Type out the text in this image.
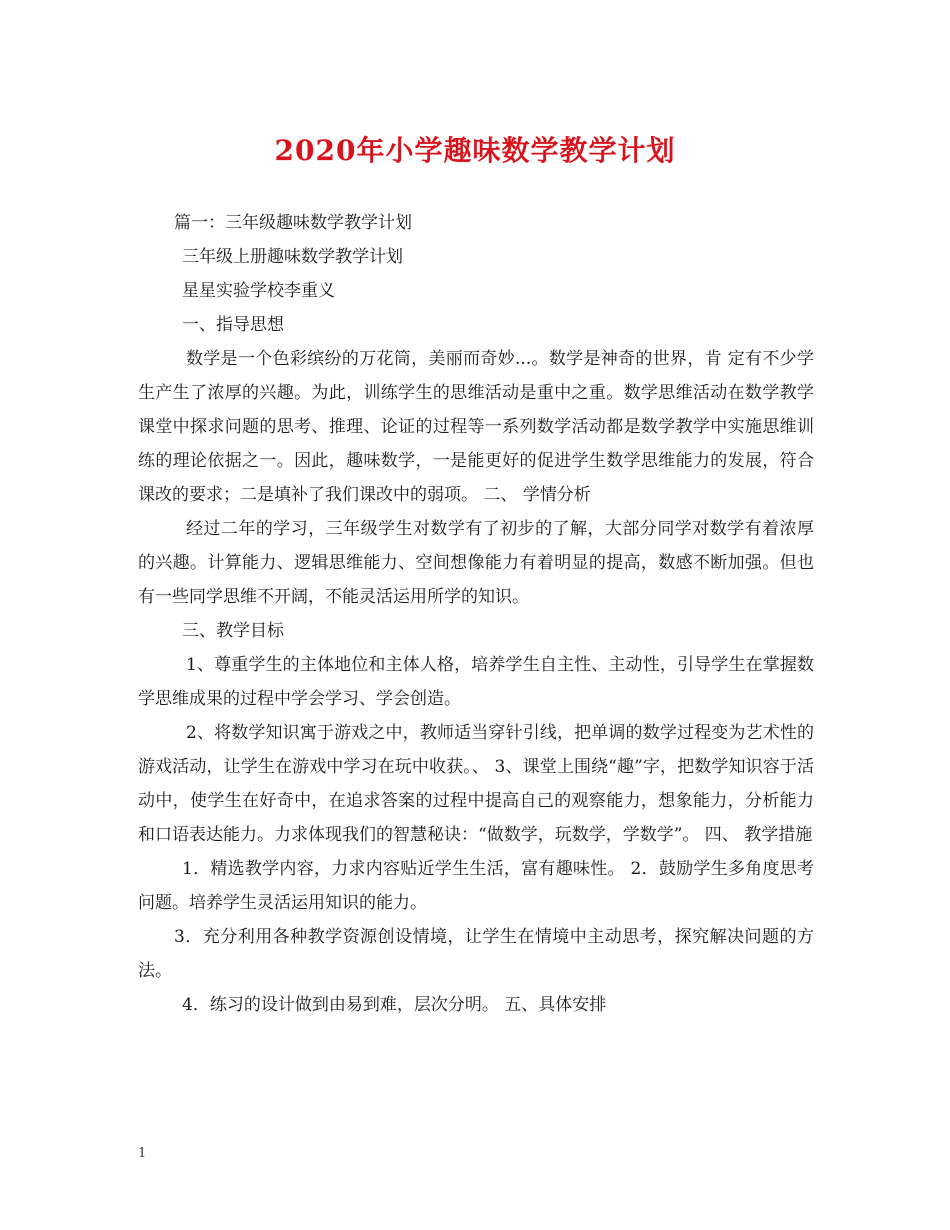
2020年小学趣味数学教学计划
篇一：三年级趣味数学教学计划
三年级上册趣味数学教学计划
星星实验学校李重义
一、指导思想

数学是一个色彩缤纷的万花筒，美丽而奇妙...。数学是神奇的世界，肯 定有不少学生产生了浓厚的兴趣。为此，训练学生的思维活动是重中之重。数学思维活动在数学教学课堂中探求问题的思考、推理、论证的过程等一系列数学活动都是数学教学中实施思维训练的理论依据之一。因此，趣味数学，一是能更好的促进学生数学思维能力的发展，符合课改的要求；二是填补了我们课改中的弱项。 二、 学情分析

经过二年的学习，三年级学生对数学有了初步的了解，大部分同学对数学有着浓厚的兴趣。计算能力、逻辑思维能力、空间想像能力有着明显的提高，数感不断加强。但也有一些同学思维不开阔，不能灵活运用所学的知识。

三、教学目标

1、尊重学生的主体地位和主体人格，培养学生自主性、主动性，引导学生在掌握数学思维成果的过程中学会学习、学会创造。

2、将数学知识寓于游戏之中，教师适当穿针引线，把单调的数学过程变为艺术性的游戏活动，让学生在游戏中学习在玩中收获。、 3、课堂上围绕“趣”字，把数学知识容于活动中，使学生在好奇中，在追求答案的过程中提高自己的观察能力，想象能力，分析能力和口语表达能力。力求体现我们的智慧秘诀：“做数学，玩数学，学数学”。 四、 教学措施

1．精选教学内容，力求内容贴近学生生活，富有趣味性。 2．鼓励学生多角度思考问题。培养学生灵活运用知识的能力。

3．充分利用各种教学资源创设情境，让学生在情境中主动思考，探究解决问题的方法。

4．练习的设计做到由易到难，层次分明。 五、具体安排
1
